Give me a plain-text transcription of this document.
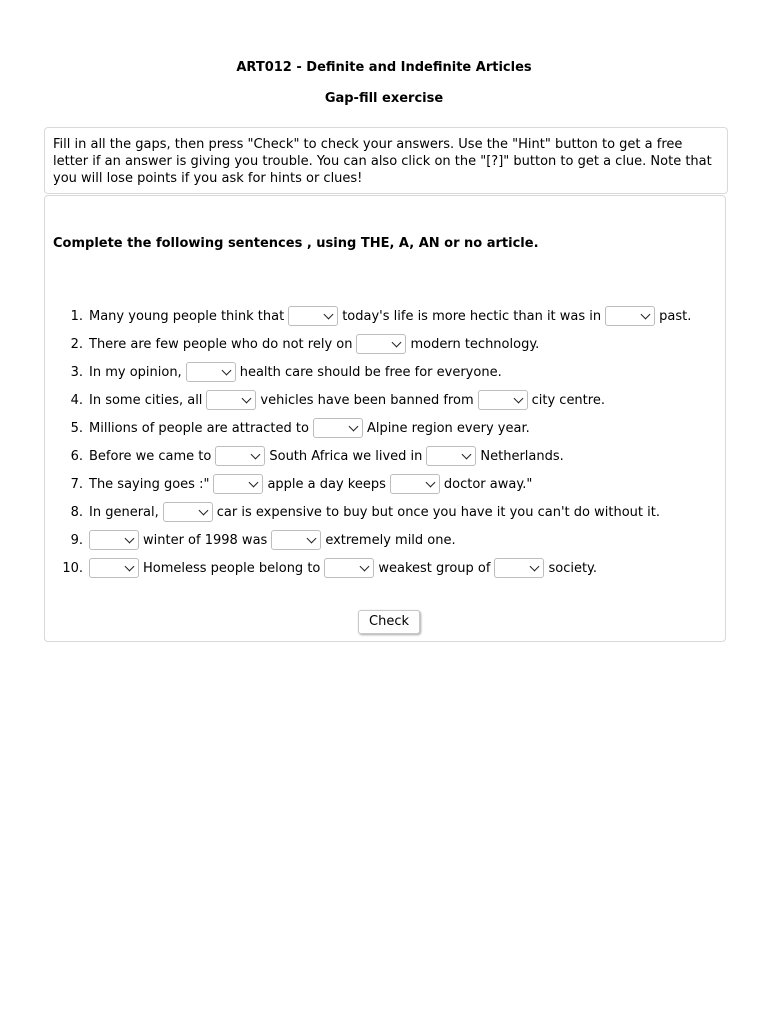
ART012 - Definite and Indefinite Articles
Gap-fill exercise
Fill in all the gaps, then press "Check" to check your answers. Use the "Hint" button to get a free letter if an answer is giving you trouble. You can also click on the "[?]" button to get a clue. Note that you will lose points if you ask for hints or clues!
Complete the following sentences , using THE, A, AN or no article.
1. Many young people think that	today's life is more hectic than it was in	past.
2. There are few people who do not rely on	modern technology.
3. In my opinion,	health care should be free for everyone.
4. In some cities, all	vehicles have been banned from	city centre.
5. Millions of people are attracted to	Alpine region every year.
6. Before we came to	South Africa we lived in	Netherlands.
7. The saying goes :"	apple a day keeps	doctor away."
8. In general,	car is expensive to buy but once you have it you can't do without it.
9.	winter of 1998 was	extremely mild one.
10.	Homeless people belong to	weakest group of	society.
Check
